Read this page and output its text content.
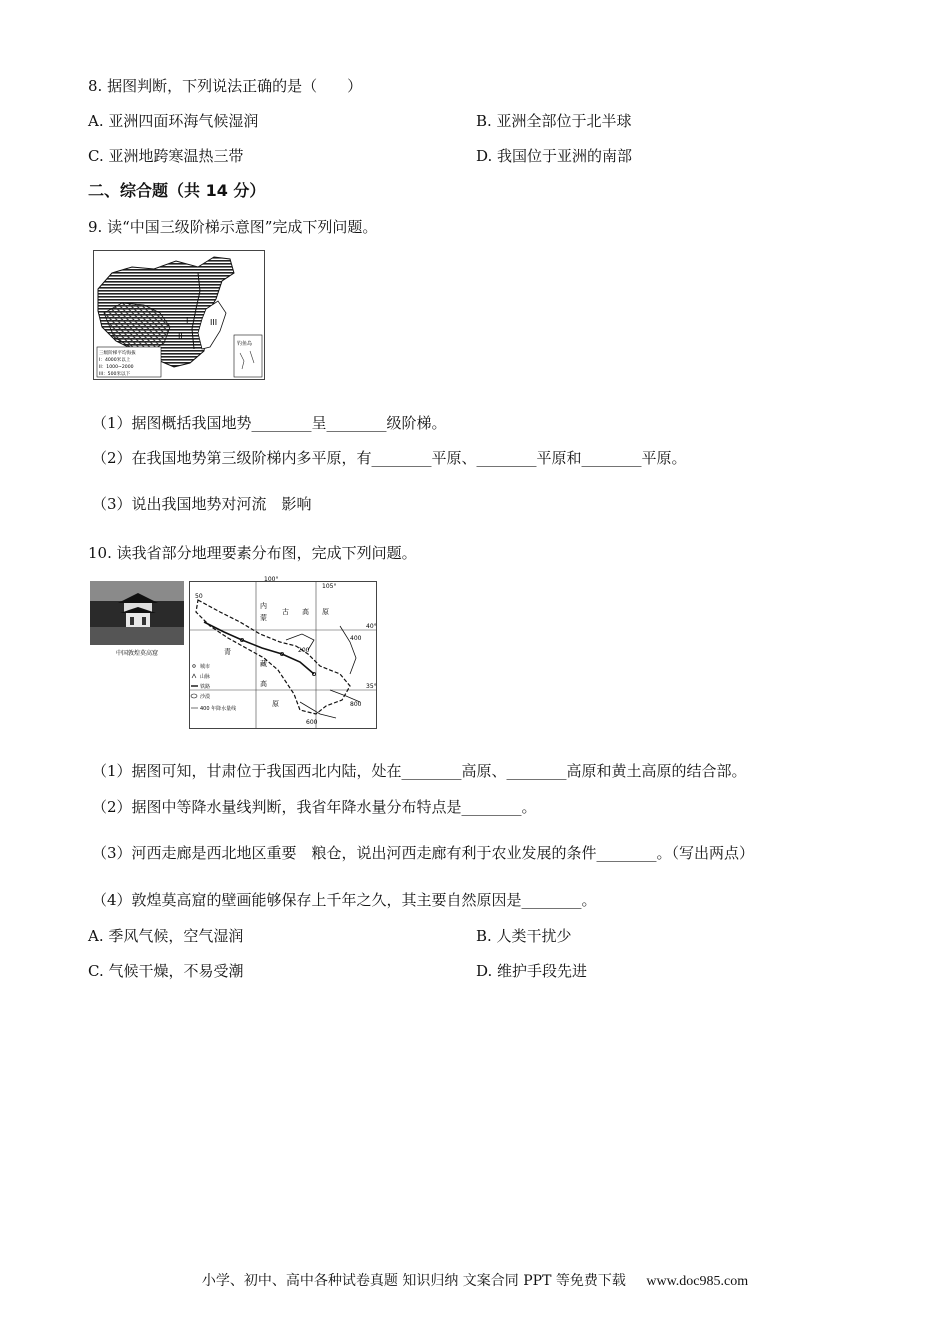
8. 据图判断，下列说法正确的是（　　）
A. 亚洲四面环海气候湿润	B. 亚洲全部位于北半球
C. 亚洲地跨寒温热三带	D. 我国位于亚洲的南部
二、综合题（共 14 分）
9. 读“中国三级阶梯示意图”完成下列问题。
I
II
III
三级阶梯平均海拔
I：4000米以上
II：1000~2000
III：500米以下
钓鱼岛
（1）据图概括我国地势________呈________级阶梯。
（2）在我国地势第三级阶梯内多平原，有________平原、________平原和________平原。
（3）说出我国地势对河流　影响
10. 读我省部分地理要素分布图，完成下列问题。
中国敦煌莫高窟
100°
105°
40°
35°
50
200
400
600
800
内
蒙
古 高 原
青
藏
高
原
城市
山脉
铁路
沙漠
400 年降水量线
（1）据图可知，甘肃位于我国西北内陆，处在________高原、________高原和黄土高原的结合部。
（2）据图中等降水量线判断，我省年降水量分布特点是________。
（3）河西走廊是西北地区重要　粮仓，说出河西走廊有利于农业发展的条件________。（写出两点）
（4）敦煌莫高窟的壁画能够保存上千年之久，其主要自然原因是________。
A. 季风气候，空气湿润	B. 人类干扰少
C. 气候干燥，不易受潮	D. 维护手段先进
小学、初中、高中各种试卷真题 知识归纳 文案合同 PPT 等免费下载 www.doc985.com
